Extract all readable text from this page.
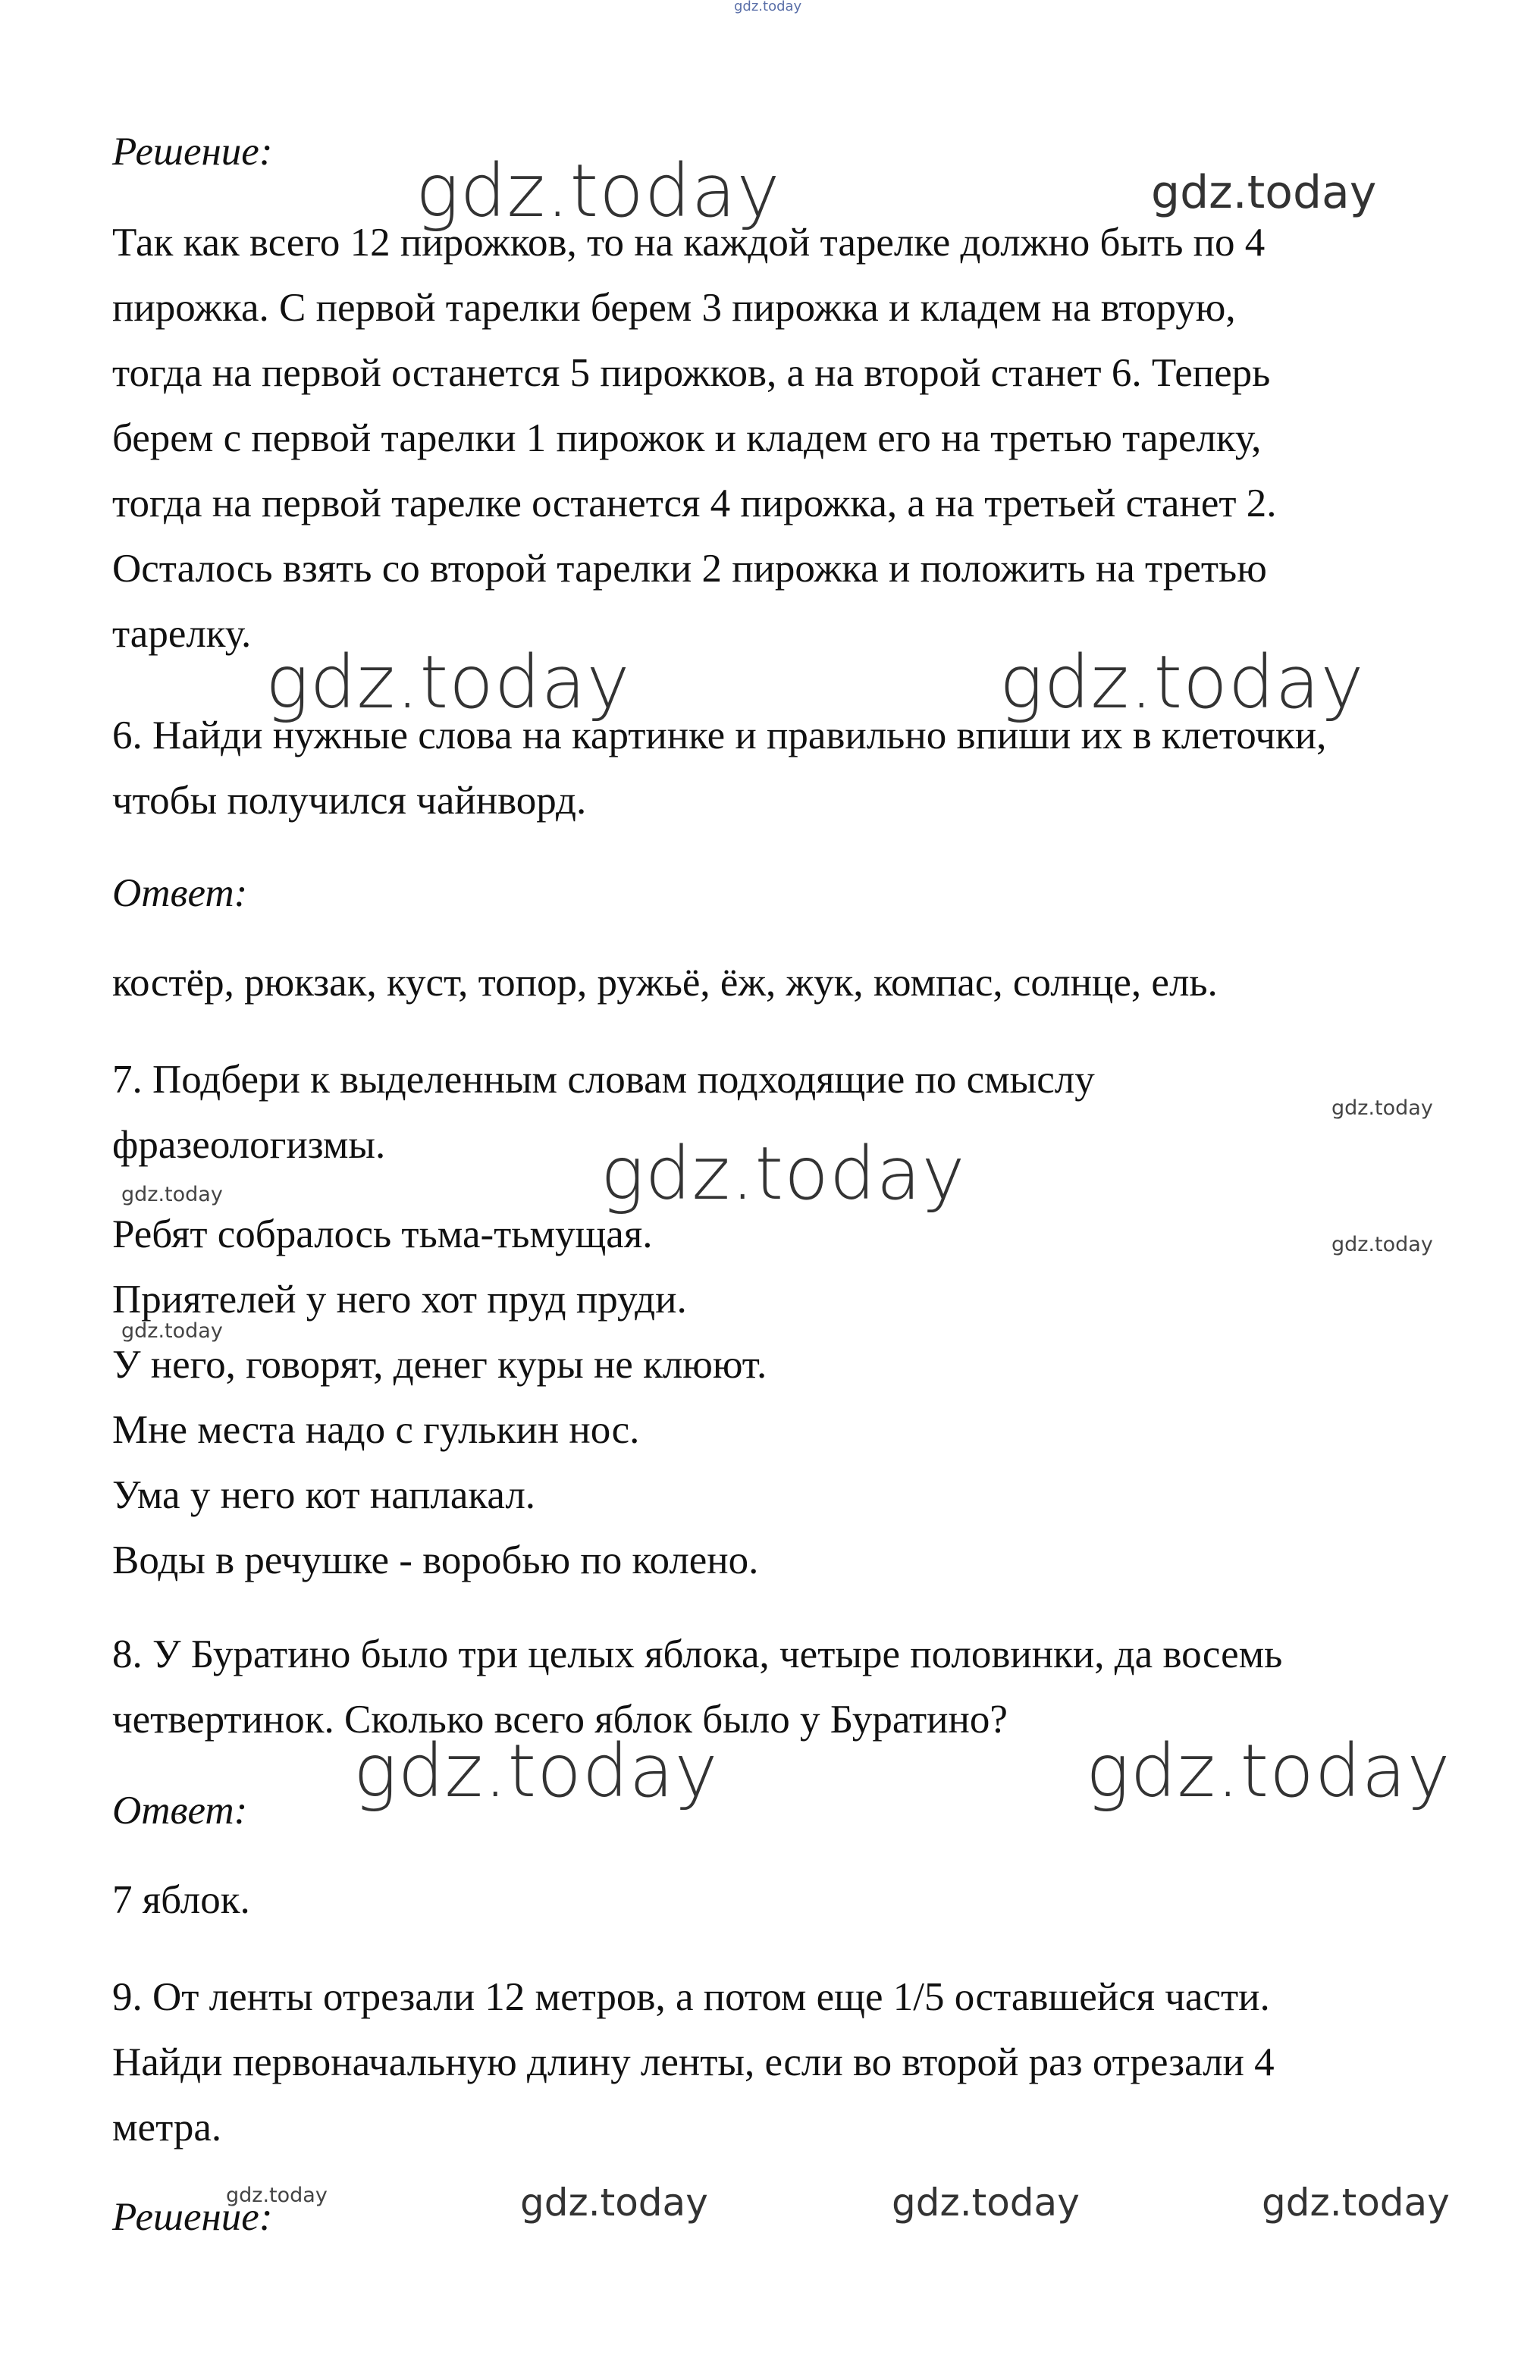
gdz.today
gdz.today	gdz.today
gdz.today	gdz.today
gdz.today
gdz.today
gdz.today
gdz.today
gdz.today
gdz.today	gdz.today
gdz.today	gdz.today	gdz.today	gdz.today

Решение:

Так как всего 12 пирожков, то на каждой тарелке должно быть по 4

пирожка. С первой тарелки берем 3 пирожка и кладем на вторую,

тогда на первой останется 5 пирожков, а на второй станет 6. Теперь

берем с первой тарелки 1 пирожок и кладем его на третью тарелку,

тогда на первой тарелке останется 4 пирожка, а на третьей станет 2.

Осталось взять со второй тарелки 2 пирожка и положить на третью

тарелку.

6. Найди нужные слова на картинке и правильно впиши их в клеточки,

чтобы получился чайнворд.

Ответ:

костёр, рюкзак, куст, топор, ружьё, ёж, жук, компас, солнце, ель.

7. Подбери к выделенным словам подходящие по смыслу

фразеологизмы.

Ребят собралось тьма-тьмущая.

Приятелей у него хот пруд пруди.

У него, говорят, денег куры не клюют.

Мне места надо с гулькин нос.

Ума у него кот наплакал.

Воды в речушке - воробью по колено.

8. У Буратино было три целых яблока, четыре половинки, да восемь

четвертинок. Сколько всего яблок было у Буратино?

Ответ:

7 яблок.

9. От ленты отрезали 12 метров, а потом еще 1/5 оставшейся части.

Найди первоначальную длину ленты, если во второй раз отрезали 4

метра.

Решение:
